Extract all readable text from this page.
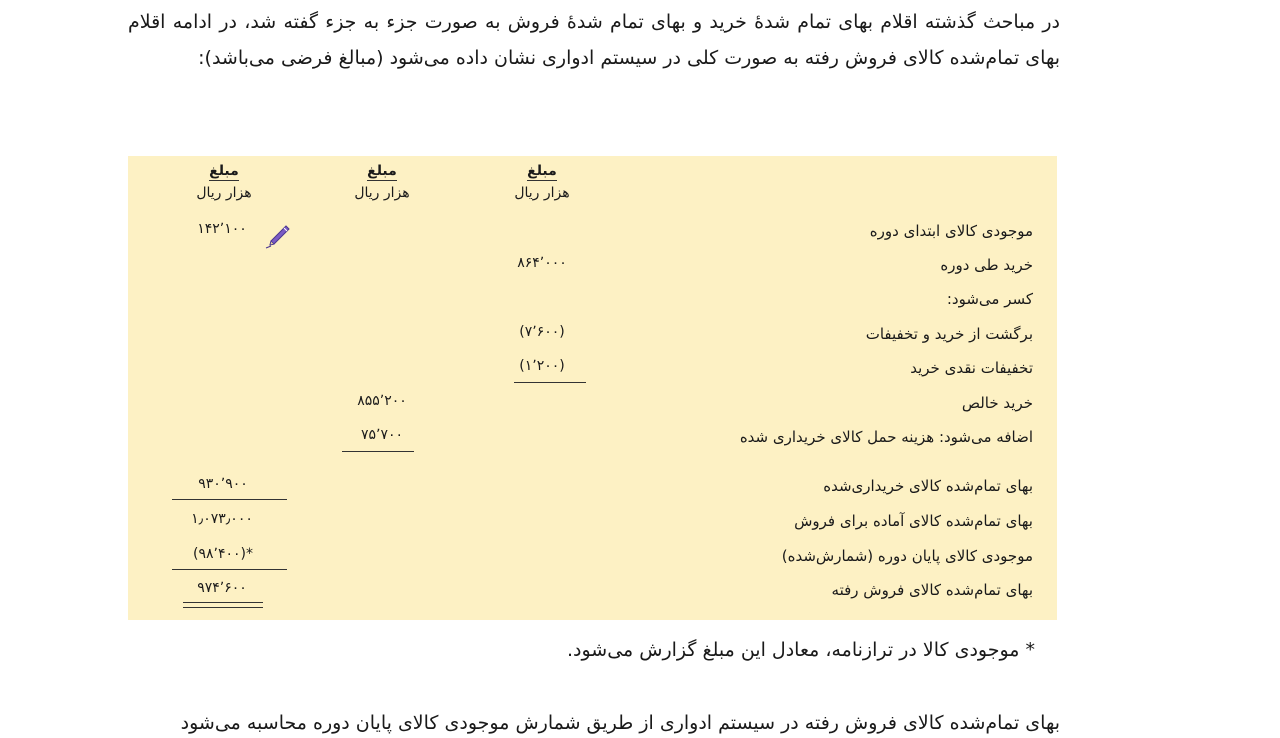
در مباحث گذشته اقلام بهای تمام شدهٔ خرید و بهای تمام شدهٔ فروش به صورت جزء به جزء گفته شد، در ادامه اقلام بهای تمام‌شده کالای فروش رفته به صورت کلی در سیستم ادواری نشان داده می‌شود (مبالغ فرضی می‌باشد):

مبلغ
هزار ریال
مبلغ
هزار ریال
مبلغ
هزار ریال
موجودی کالای ابتدای دوره
خرید طی دوره
کسر می‌شود:
برگشت از خرید و تخفیفات
تخفیفات نقدی خرید
خرید خالص
اضافه می‌شود: هزینه حمل کالای خریداری شده
بهای تمام‌شده کالای خریداری‌شده
بهای تمام‌شده کالای آماده برای فروش
موجودی کالای پایان دوره (شمارش‌شده)
بهای تمام‌شده کالای فروش رفته
۸۶۴٬۰۰۰
(۷٬۶۰۰)
(۱٬۲۰۰)
۸۵۵٬۲۰۰
۷۵٬۷۰۰
۱۴۲٬۱۰۰
۹۳۰٬۹۰۰
۱٫۰۷۳٫۰۰۰
(۹۸٬۴۰۰)*
۹۷۴٬۶۰۰

* موجودی کالا در ترازنامه، معادل این مبلغ گزارش می‌شود.

بهای تمام‌شده کالای فروش رفته در سیستم ادواری از طریق شمارش موجودی کالای پایان دوره محاسبه می‌شود
